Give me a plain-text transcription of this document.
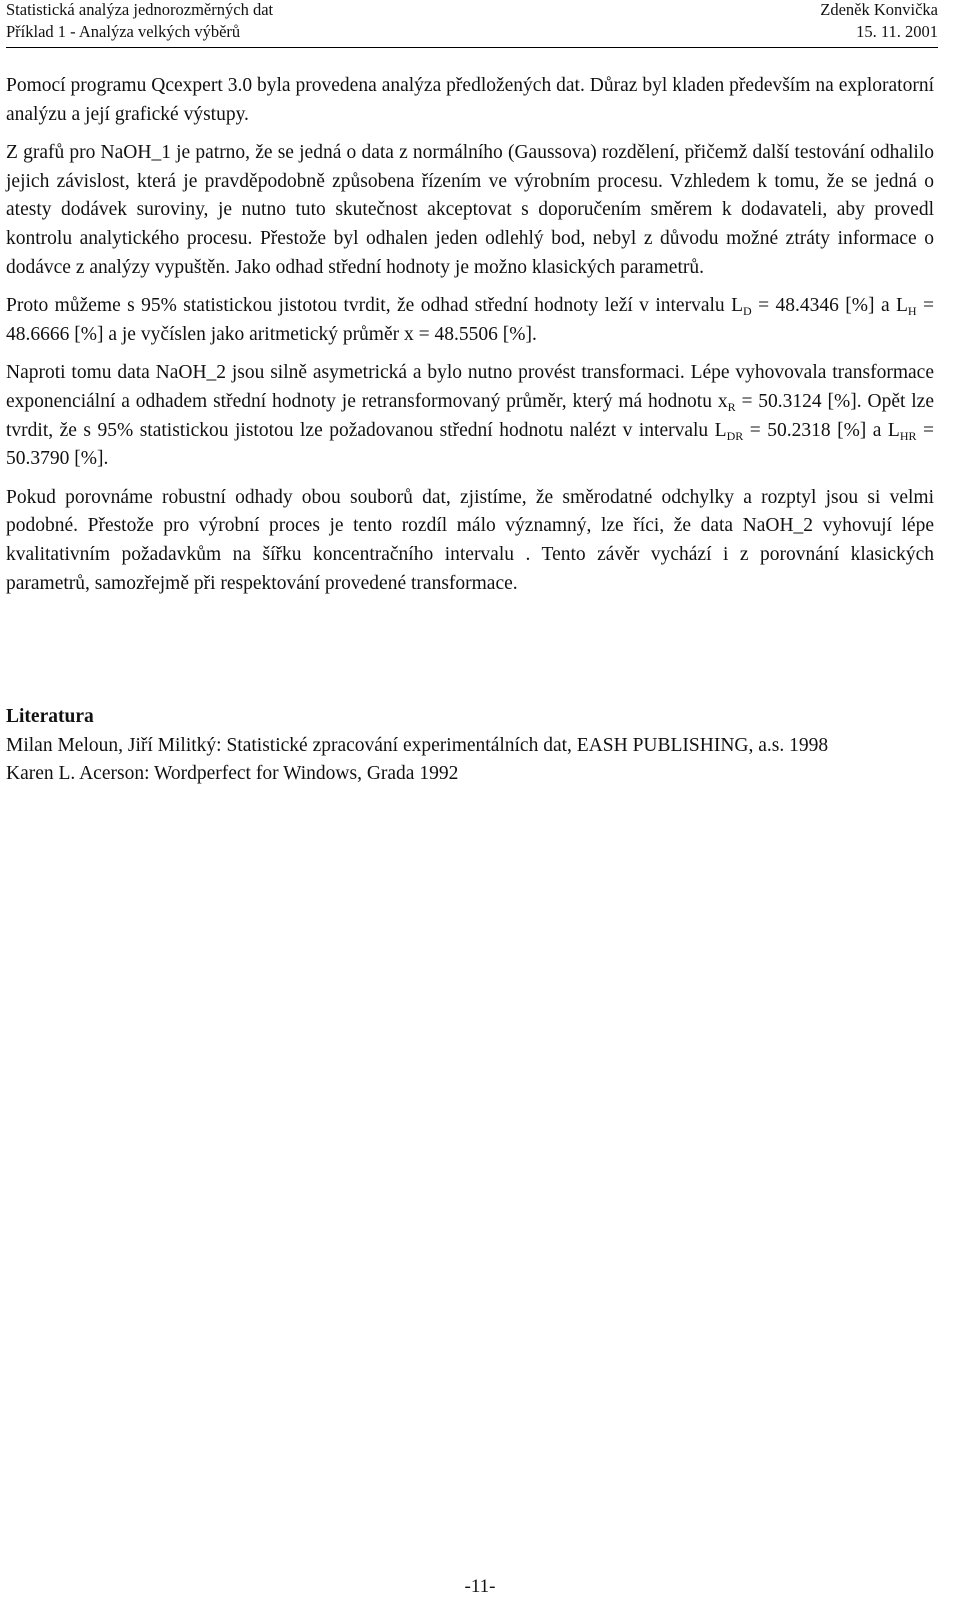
Statistická analýza jednorozměrných dat	Zdeněk Konvička
Příklad 1 - Analýza velkých výběrů	15. 11. 2001

Pomocí programu Qcexpert 3.0 byla provedena analýza předložených dat. Důraz byl kladen především na exploratorní analýzu a její grafické výstupy.

Z grafů pro NaOH_1 je patrno, že se jedná o data z normálního (Gaussova) rozdělení, přičemž další testování odhalilo jejich závislost, která je pravděpodobně způsobena řízením ve výrobním procesu. Vzhledem k tomu, že se jedná o atesty dodávek suroviny, je nutno tuto skutečnost akceptovat s doporučením směrem k dodavateli, aby provedl kontrolu analytického procesu. Přestože byl odhalen jeden odlehlý bod, nebyl z důvodu možné ztráty informace o dodávce z analýzy vypuštěn. Jako odhad střední hodnoty je možno klasických parametrů.

Proto můžeme s 95% statistickou jistotou tvrdit, že odhad střední hodnoty leží v intervalu $L_D = 48.4346$ [%] a $L_H = 48.6666$ [%] a je vyčíslen jako aritmetický průměr x = 48.5506 [%].

Naproti tomu data NaOH_2 jsou silně asymetrická a bylo nutno provést transformaci. Lépe vyhovovala transformace exponenciální a odhadem střední hodnoty je retransformovaný průměr, který má hodnotu $x_R = 50.3124$ [%]. Opět lze tvrdit, že s 95% statistickou jistotou lze požadovanou střední hodnotu nalézt v intervalu $L_{DR} = 50.2318$ [%] a $L_{HR} = 50.3790$ [%].

Pokud porovnáme robustní odhady obou souborů dat, zjistíme, že směrodatné odchylky a rozptyl jsou si velmi podobné. Přestože pro výrobní proces je tento rozdíl málo významný, lze říci, že data NaOH_2 vyhovují lépe kvalitativním požadavkům na šířku koncentračního intervalu . Tento závěr vychází i z porovnání klasických parametrů, samozřejmě při respektování provedené transformace.

Literatura

Milan Meloun, Jiří Militký: Statistické zpracování experimentálních dat, EASH PUBLISHING, a.s. 1998

Karen L. Acerson: Wordperfect for Windows, Grada 1992

-11-
